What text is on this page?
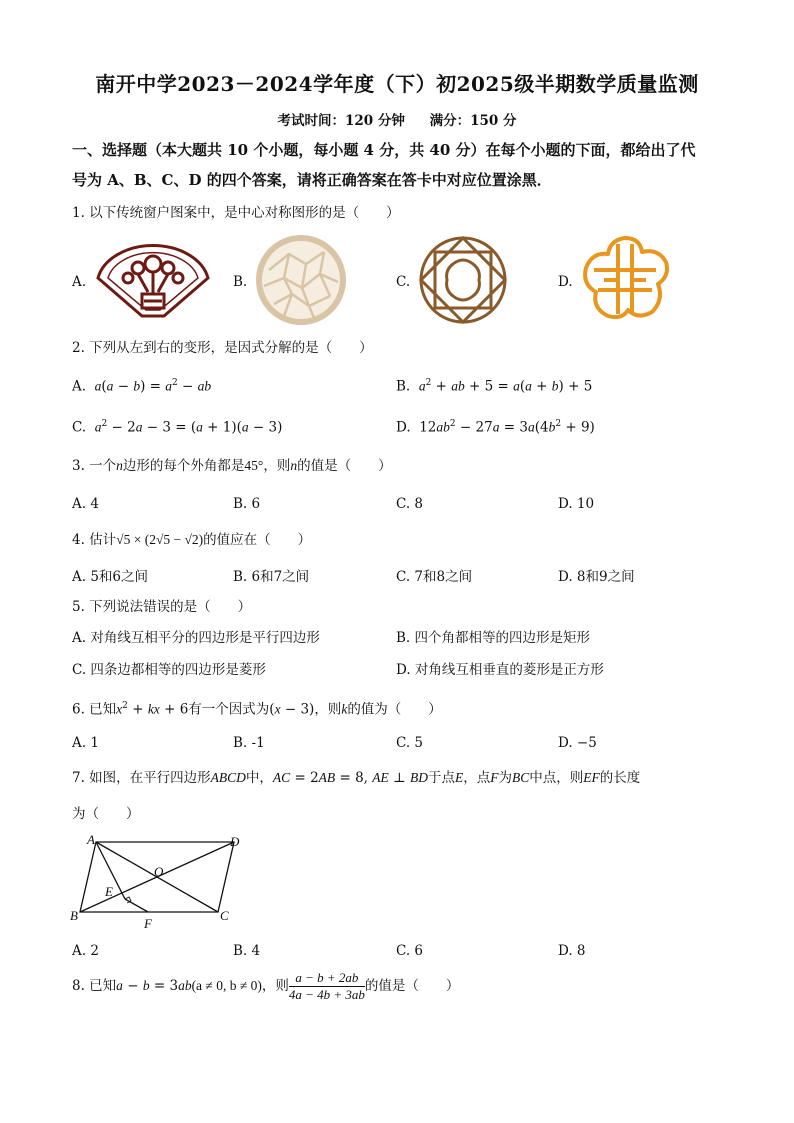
南开中学2023－2024学年度（下）初2025级半期数学质量监测
考试时间：120 分钟 满分：150 分
一、选择题（本大题共 10 个小题，每小题 4 分，共 40 分）在每个小题的下面，都给出了代
号为 A、B、C、D 的四个答案，请将正确答案在答卡中对应位置涂黑．
1. 以下传统窗户图案中，是中心对称图形的是（　　）
A.	B.	C.	D.
2. 下列从左到右的变形，是因式分解的是（　　）
A. $a(a - b) = a^2$ − ab	B. $a^2$ + ab + 5 = a(a + b) + 5
C. $a^2 - 2a - 3 = (a + 1)(a - 3)$	D.  $12ab^2 - 27a = 3a(4b^2 + 9)$
3. 一个n边形的每个外角都是45°，则n的值是（　　）
A. 4	B. 6	C. 8	D. 10
4. 估计√5 × (2√5 − √2)的值应在（　　）
A. 5和6之间	B. 6和7之间	C. 7和8之间	D. 8和9之间
5. 下列说法错误的是（　　）
A. 对角线互相平分的四边形是平行四边形	B. 四个角都相等的四边形是矩形
C. 四条边都相等的四边形是菱形	D. 对角线互相垂直的菱形是正方形
6. 已知$x^2$ + kx + 6有一个因式为(x − 3)，则k的值为（　　）
A. 1	B. -1	C. 5	D. −5
7. 如图，在平行四边形ABCD中，AC = 2AB = 8, AE ⊥ BD于点E，点F为BC中点，则EF的长度
为（　　）
A	D
O
E
B
F
C
A. 2	B. 4	C. 6	D. 8
8. 已知a − b = 3ab(a ≠ 0, b ≠ 0)，则 $\frac{a - b + 2ab}{4a - 4b + 3ab}$ 的值是（　　）
